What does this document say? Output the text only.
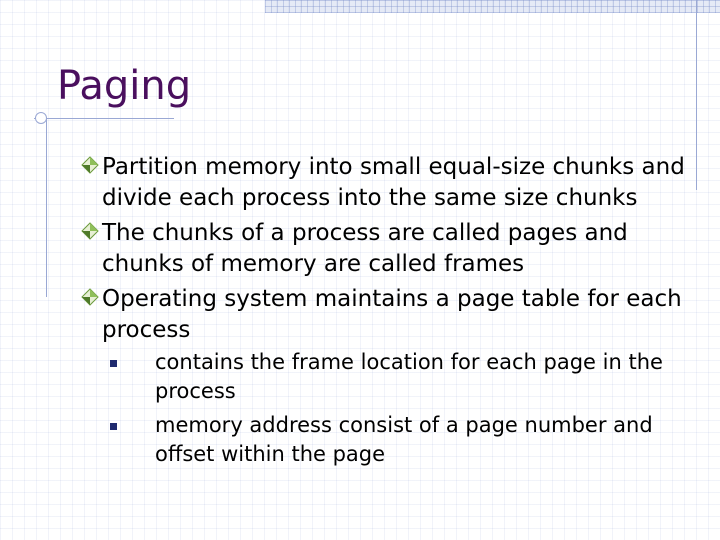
Paging
Partition memory into small equal-size chunks and divide each process into the same size chunks
The chunks of a process are called pages and chunks of memory are called frames
Operating system maintains a page table for each process
contains the frame location for each page in the process
memory address consist of a page number and offset within the page
